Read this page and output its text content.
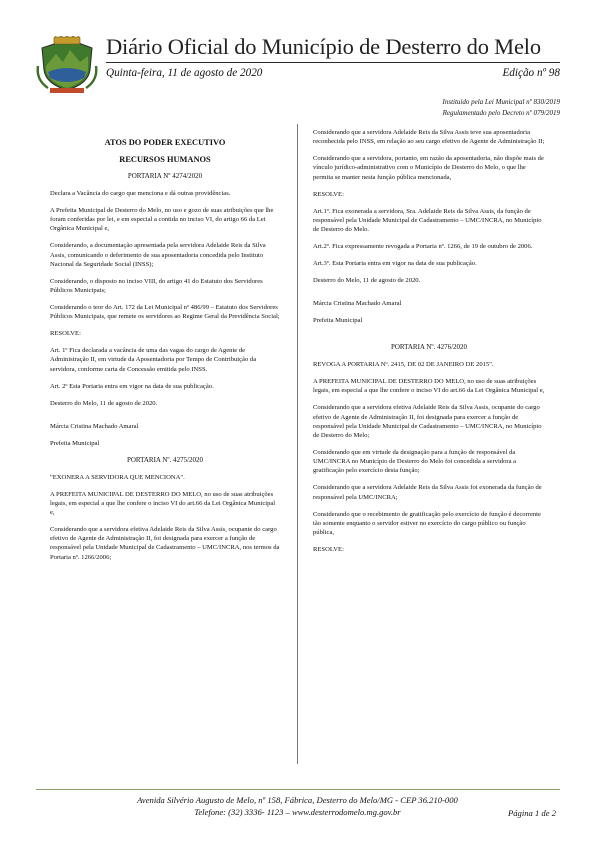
Diário Oficial do Município de Desterro do Melo
Quinta-feira, 11 de agosto de 2020	Edição nº 98
Instituído pela Lei Municipal nº 830/2019
Regulamentado pelo Decreto nº 079/2019

ATOS DO PODER EXECUTIVO

RECURSOS HUMANOS

PORTARIA Nº 4274/2020

Declara a Vacância do cargo que menciona e dá outras providências.

A Prefeita Municipal de Desterro do Melo, no uso e gozo de suas atribuições que lhe foram conferidas por lei, e em especial a contida no inciso VI, do artigo 66 da Lei Orgânica Municipal e,

Considerando, a documentação apresentada pela servidora Adelaide Reis da Silva Assis, comunicando o deferimento de sua aposentadoria concedida pelo Instituto Nacional da Seguridade Social (INSS);

Considerando, o disposto no inciso VIII, do artigo 41 do Estatuto dos Servidores Públicos Municipais;

Considerando o teor do Art. 172 da Lei Municipal nº 486/99 – Estatuto dos Servidores Públicos Municipais, que remete os servidores ao Regime Geral da Previdência Social;

RESOLVE:

Art. 1º Fica declarada a vacância de uma das vagas do cargo de Agente de Administração II, em virtude da Aposentadoria por Tempo de Contribuição da servidora, conforme carta de Concessão emitida pelo INSS.

Art. 2º Esta Portaria entra em vigor na data de sua publicação.

Desterro do Melo, 11 de agosto de 2020.

Márcia Cristina Machado Amaral

Prefeita Municipal

PORTARIA Nº. 4275/2020

"EXONERA A SERVIDORA QUE MENCIONA".

A PREFEITA MUNICIPAL DE DESTERRO DO MELO, no uso de suas atribuições legais, em especial a que lhe confere o inciso VI do art.66 da Lei Orgânica Municipal e,

Considerando que a servidora efetiva Adelaide Reis da Silva Assis, ocupante do cargo efetivo de Agente de Administração II, foi designada para exercer a função de responsável pela Unidade Municipal de Cadastramento – UMC/INCRA, nos termos da Portaria nº. 1266/2006;

Considerando que a servidora Adelaide Reis da Silva Assis teve sua aposentadoria reconhecida pelo INSS, em relação ao seu cargo efetivo de Agente de Administração II;

Considerando que a servidora, portanto, em razão da aposentadoria, não dispõe mais de vínculo jurídico-administrativo com o Município de Desterro do Melo, o que lhe permita se manter nesta função pública mencionada,

RESOLVE:

Art.1º. Fica exonerada a servidora, Sra. Adelaide Reis da Silva Assis, da função de responsável pela Unidade Municipal de Cadastramento – UMC/INCRA, no Município de Desterro do Melo.

Art.2º. Fica expressamente revogada a Portaria nº. 1266, de 19 de outubro de 2006.

Art.3º. Esta Portaria entra em vigor na data de sua publicação.

Desterro do Melo, 11 de agosto de 2020.

Márcia Cristina Machado Amaral

Prefeita Municipal

PORTARIA Nº. 4276/2020

REVOGA A PORTARIA Nº. 2415, DE 02 DE JANEIRO DE 2015".

A PREFEITA MUNICIPAL DE DESTERRO DO MELO, no uso de suas atribuições legais, em especial a que lhe confere o inciso VI do art.66 da Lei Orgânica Municipal e,

Considerando que a servidora efetiva Adelaide Reis da Silva Assis, ocupante do cargo efetivo de Agente de Administração II, foi designada para exercer a função de responsável pela Unidade Municipal de Cadastramento – UMC/INCRA, no Município de Desterro do Melo;

Considerando que em virtude da designação para a função de responsável da UMC/INCRA no Município de Desterro do Melo foi concedida a servidora a gratificação pelo exercício desta função;

Considerando que a servidora Adelaide Reis da Silva Assis foi exonerada da função de responsável pela UMC/INCRA;

Considerando que o recebimento de gratificação pelo exercício de função é decorrente tão somente enquanto o servidor estiver no exercício do cargo público ou função pública,

RESOLVE:

Avenida Silvério Augusto de Melo, nº 158, Fábrica, Desterro do Melo/MG - CEP 36.210-000
Telefone: (32) 3336- 1123 – www.desterrodomelo.mg.gov.br	Página 1 de 2
